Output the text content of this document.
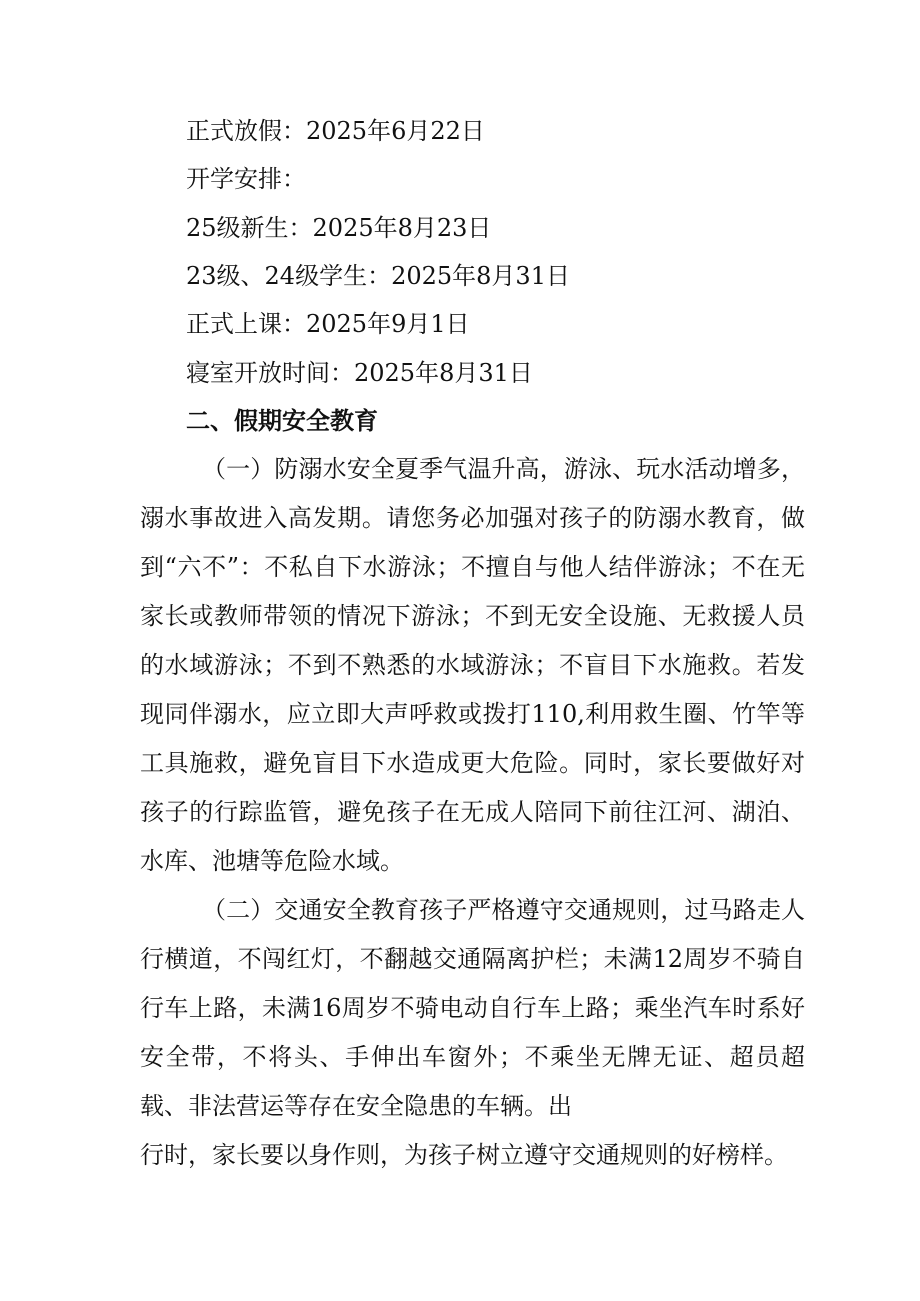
正式放假：2025年6月22日
开学安排：
25级新生：2025年8月23日
23级、24级学生：2025年8月31日
正式上课：2025年9月1日
寝室开放时间：2025年8月31日
二、假期安全教育

（一）防溺水安全夏季气温升高，游泳、玩水活动增多，溺水事故进入高发期。请您务必加强对孩子的防溺水教育，做到“六不”：不私自下水游泳；不擅自与他人结伴游泳；不在无家长或教师带领的情况下游泳；不到无安全设施、无救援人员的水域游泳；不到不熟悉的水域游泳；不盲目下水施救。若发现同伴溺水，应立即大声呼救或拨打110,利用救生圈、竹竿等工具施救，避免盲目下水造成更大危险。同时，家长要做好对孩子的行踪监管，避免孩子在无成人陪同下前往江河、湖泊、水库、池塘等危险水域。

（二）交通安全教育孩子严格遵守交通规则，过马路走人行横道，不闯红灯，不翻越交通隔离护栏；未满12周岁不骑自行车上路，未满16周岁不骑电动自行车上路；乘坐汽车时系好安全带，不将头、手伸出车窗外；不乘坐无牌无证、超员超载、非法营运等存在安全隐患的车辆。出

行时，家长要以身作则，为孩子树立遵守交通规则的好榜样。
